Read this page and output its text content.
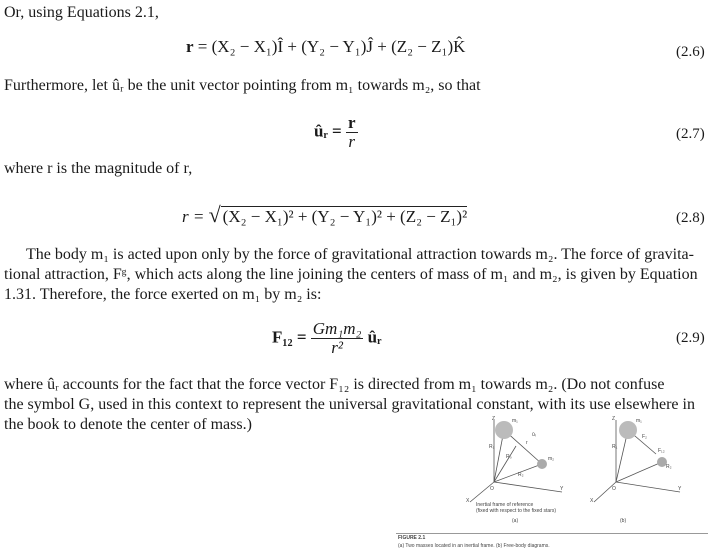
Or, using Equations 2.1,
r = (X₂ − X₁)Î + (Y₂ − Y₁)Ĵ + (Z₂ − Z₁)K̂	(2.6)
Furthermore, let ûᵣ be the unit vector pointing from m₁ towards m₂, so that
ûᵣ = $\frac{r}{r}$	(2.7)
where r is the magnitude of r,
r = √ (X₂ − X₁)² + (Y₂ − Y₁)² + (Z₂ − Z₁)²	(2.8)
The body m₁ is acted upon only by the force of gravitational attraction towards m₂. The force of gravita-
tional attraction, Fᵍ, which acts along the line joining the centers of mass of m₁ and m₂, is given by Equation
1.31. Therefore, the force exerted on m₁ by m₂ is:
$F_{12} = \frac{\text{Gm₁m₂}}{\text{r²}}$ ûᵣ	(2.9)
where ûᵣ accounts for the fact that the force vector F₁₂ is directed from m₁ towards m₂. (Do not confuse
the symbol G, used in this context to represent the universal gravitational constant, with its use elsewhere in
the book to denote the center of mass.)	Z	m₁
R₁
R₂
r
ûᵣ
m₂
R₀
O
X
Y
Z	m₁
R₁
F₂
F₁₂
R₂
O
X
Y
Inertial frame of reference
(fixed with respect to the fixed stars)
(a)	(b)
FIGURE 2.1
(a) Two masses located in an inertial frame. (b) Free-body diagrams.
